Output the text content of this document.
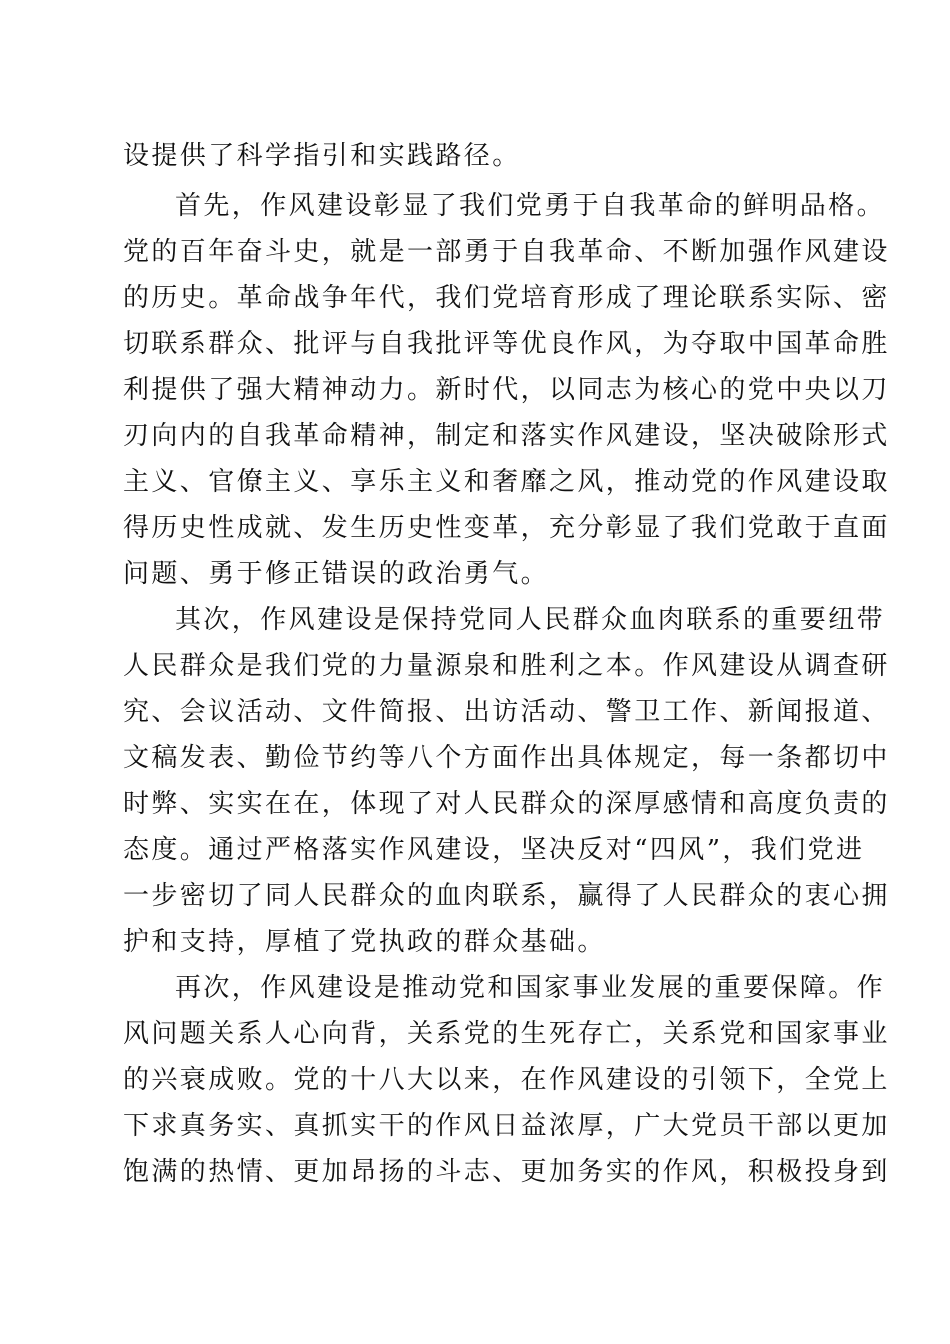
设提供了科学指引和实践路径。
首先，作风建设彰显了我们党勇于自我革命的鲜明品格。
党的百年奋斗史，就是一部勇于自我革命、不断加强作风建设
的历史。革命战争年代，我们党培育形成了理论联系实际、密
切联系群众、批评与自我批评等优良作风，为夺取中国革命胜
利提供了强大精神动力。新时代，以同志为核心的党中央以刀
刃向内的自我革命精神，制定和落实作风建设，坚决破除形式
主义、官僚主义、享乐主义和奢靡之风，推动党的作风建设取
得历史性成就、发生历史性变革，充分彰显了我们党敢于直面
问题、勇于修正错误的政治勇气。
其次，作风建设是保持党同人民群众血肉联系的重要纽带
人民群众是我们党的力量源泉和胜利之本。作风建设从调查研
究、会议活动、文件简报、出访活动、警卫工作、新闻报道、
文稿发表、勤俭节约等八个方面作出具体规定，每一条都切中
时弊、实实在在，体现了对人民群众的深厚感情和高度负责的
态度。通过严格落实作风建设，坚决反对“四风”，我们党进
一步密切了同人民群众的血肉联系，赢得了人民群众的衷心拥
护和支持，厚植了党执政的群众基础。
再次，作风建设是推动党和国家事业发展的重要保障。作
风问题关系人心向背，关系党的生死存亡，关系党和国家事业
的兴衰成败。党的十八大以来，在作风建设的引领下，全党上
下求真务实、真抓实干的作风日益浓厚，广大党员干部以更加
饱满的热情、更加昂扬的斗志、更加务实的作风，积极投身到
